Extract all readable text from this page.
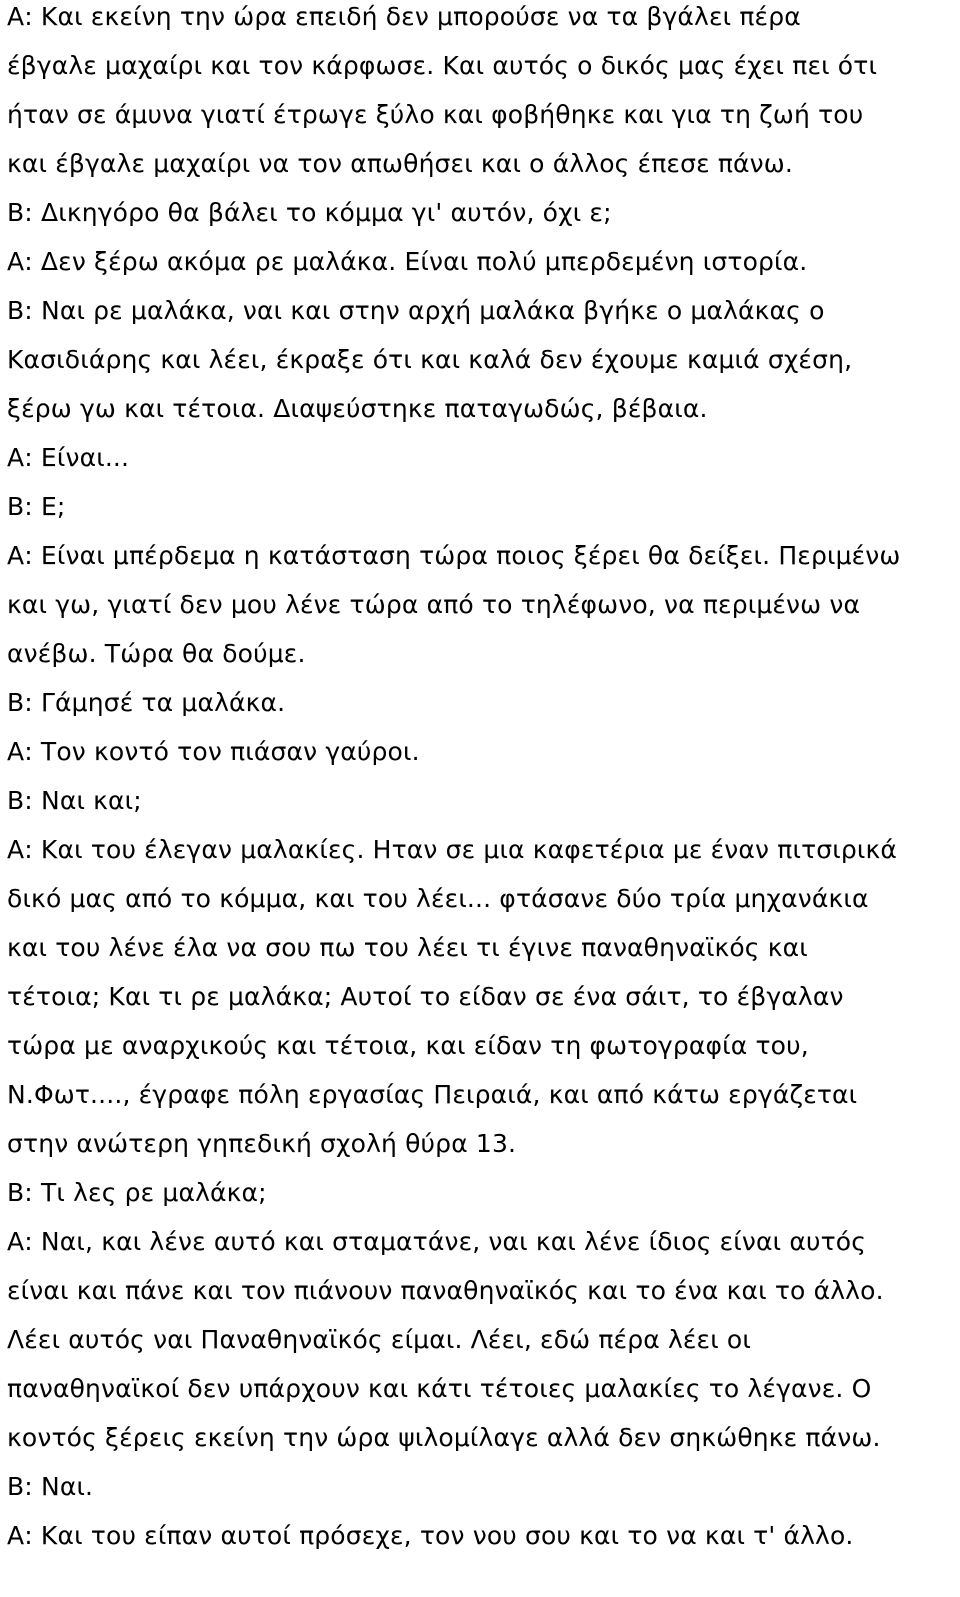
Α: Και εκείνη την ώρα επειδή δεν μπορούσε να τα βγάλει πέρα
έβγαλε μαχαίρι και τον κάρφωσε. Και αυτός ο δικός μας έχει πει ότι
ήταν σε άμυνα γιατί έτρωγε ξύλο και φοβήθηκε και για τη ζωή του
και έβγαλε μαχαίρι να τον απωθήσει και ο άλλος έπεσε πάνω.
Β: Δικηγόρο θα βάλει το κόμμα γι' αυτόν, όχι ε;
Α: Δεν ξέρω ακόμα ρε μαλάκα. Είναι πολύ μπερδεμένη ιστορία.
Β: Ναι ρε μαλάκα, ναι και στην αρχή μαλάκα βγήκε ο μαλάκας ο
Κασιδιάρης και λέει, έκραξε ότι και καλά δεν έχουμε καμιά σχέση,
ξέρω γω και τέτοια. Διαψεύστηκε παταγωδώς, βέβαια.
Α: Είναι...
Β: Ε;
Α: Είναι μπέρδεμα η κατάσταση τώρα ποιος ξέρει θα δείξει. Περιμένω
και γω, γιατί δεν μου λένε τώρα από το τηλέφωνο, να περιμένω να
ανέβω. Τώρα θα δούμε.
Β: Γάμησέ τα μαλάκα.
Α: Τον κοντό τον πιάσαν γαύροι.
Β: Ναι και;
Α: Και του έλεγαν μαλακίες. Ηταν σε μια καφετέρια με έναν πιτσιρικά
δικό μας από το κόμμα, και του λέει... φτάσανε δύο τρία μηχανάκια
και του λένε έλα να σου πω του λέει τι έγινε παναθηναϊκός και
τέτοια; Και τι ρε μαλάκα; Αυτοί το είδαν σε ένα σάιτ, το έβγαλαν
τώρα με αναρχικούς και τέτοια, και είδαν τη φωτογραφία του,
Ν.Φωτ...., έγραφε πόλη εργασίας Πειραιά, και από κάτω εργάζεται
στην ανώτερη γηπεδική σχολή θύρα 13.
Β: Τι λες ρε μαλάκα;
Α: Ναι, και λένε αυτό και σταματάνε, ναι και λένε ίδιος είναι αυτός
είναι και πάνε και τον πιάνουν παναθηναϊκός και το ένα και το άλλο.
Λέει αυτός ναι Παναθηναϊκός είμαι. Λέει, εδώ πέρα λέει οι
παναθηναϊκοί δεν υπάρχουν και κάτι τέτοιες μαλακίες το λέγανε. Ο
κοντός ξέρεις εκείνη την ώρα ψιλομίλαγε αλλά δεν σηκώθηκε πάνω.
Β: Ναι.
Α: Και του είπαν αυτοί πρόσεχε, τον νου σου και το να και τ' άλλο.
